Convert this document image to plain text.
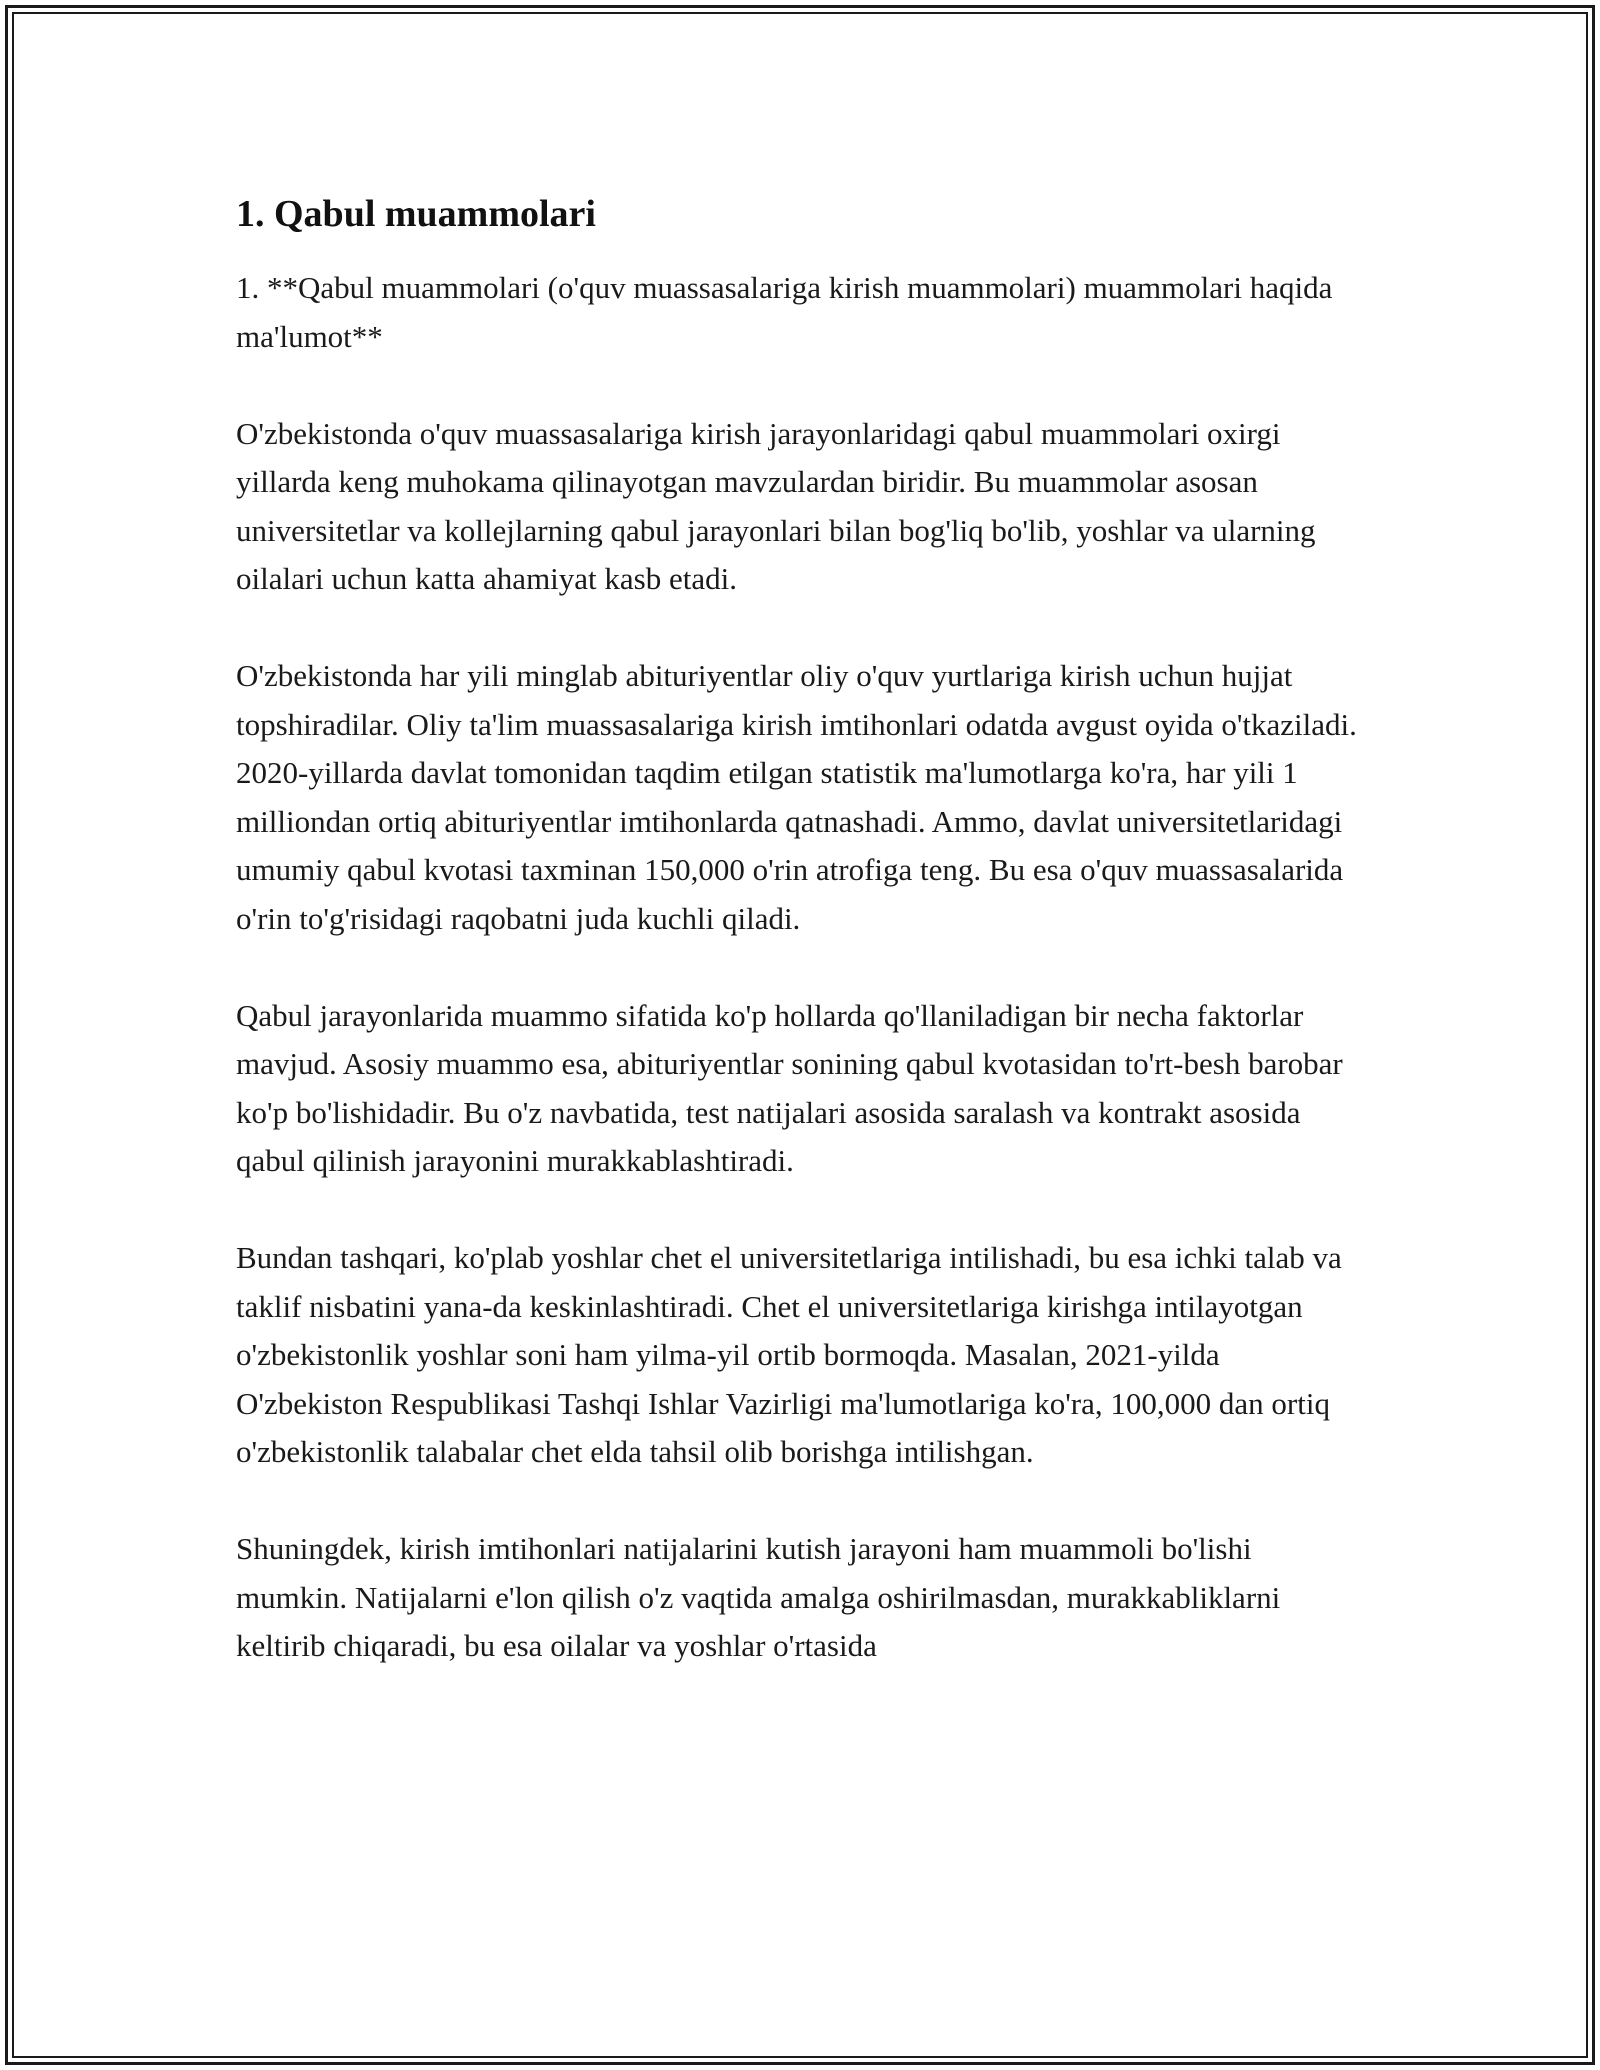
1. Qabul muammolari

1. **Qabul muammolari (o'quv muassasalariga kirish muammolari) muammolari haqida ma'lumot**

O'zbekistonda o'quv muassasalariga kirish jarayonlaridagi qabul muammolari oxirgi yillarda keng muhokama qilinayotgan mavzulardan biridir. Bu muammolar asosan universitetlar va kollejlarning qabul jarayonlari bilan bog'liq bo'lib, yoshlar va ularning oilalari uchun katta ahamiyat kasb etadi.

O'zbekistonda har yili minglab abituriyentlar oliy o'quv yurtlariga kirish uchun hujjat topshiradilar. Oliy ta'lim muassasalariga kirish imtihonlari odatda avgust oyida o'tkaziladi. 2020-yillarda davlat tomonidan taqdim etilgan statistik ma'lumotlarga ko'ra, har yili 1 milliondan ortiq abituriyentlar imtihonlarda qatnashadi. Ammo, davlat universitetlaridagi umumiy qabul kvotasi taxminan 150,000 o'rin atrofiga teng. Bu esa o'quv muassasalarida o'rin to'g'risidagi raqobatni juda kuchli qiladi.

Qabul jarayonlarida muammo sifatida ko'p hollarda qo'llaniladigan bir necha faktorlar mavjud. Asosiy muammo esa, abituriyentlar sonining qabul kvotasidan to'rt-besh barobar ko'p bo'lishidadir. Bu o'z navbatida, test natijalari asosida saralash va kontrakt asosida qabul qilinish jarayonini murakkablashtiradi.

Bundan tashqari, ko'plab yoshlar chet el universitetlariga intilishadi, bu esa ichki talab va taklif nisbatini yana-da keskinlashtiradi. Chet el universitetlariga kirishga intilayotgan o'zbekistonlik yoshlar soni ham yilma-yil ortib bormoqda. Masalan, 2021-yilda O'zbekiston Respublikasi Tashqi Ishlar Vazirligi ma'lumotlariga ko'ra, 100,000 dan ortiq o'zbekistonlik talabalar chet elda tahsil olib borishga intilishgan.

Shuningdek, kirish imtihonlari natijalarini kutish jarayoni ham muammoli bo'lishi mumkin. Natijalarni e'lon qilish o'z vaqtida amalga oshirilmasdan, murakkabliklarni keltirib chiqaradi, bu esa oilalar va yoshlar o'rtasida
